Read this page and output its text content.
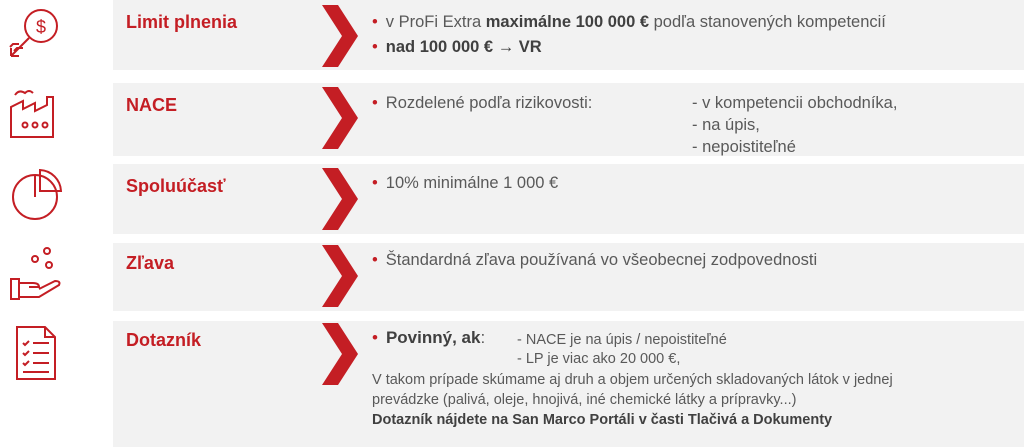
$	Limit plnenia	• v ProFi Extra maximálne 100 000 € podľa stanovených kompetencií
• nad 100 000 € → VR
NACE	• Rozdelené podľa rizikovosti:	- v kompetencii obchodníka,
- na úpis,
- nepoistiteľné
Spoluúčasť	• 10% minimálne 1 000 €
Zľava	• Štandardná zľava používaná vo všeobecnej zodpovednosti
Dotazník	• Povinný, ak: - NACE je na úpis / nepoistiteľné
- LP je viac ako 20 000 €,
V takom prípade skúmame aj druh a objem určených skladovaných látok v jednej
prevádzke (palivá, oleje, hnojivá, iné chemické látky a prípravky...)
Dotazník nájdete na San Marco Portáli v časti Tlačivá a Dokumenty
